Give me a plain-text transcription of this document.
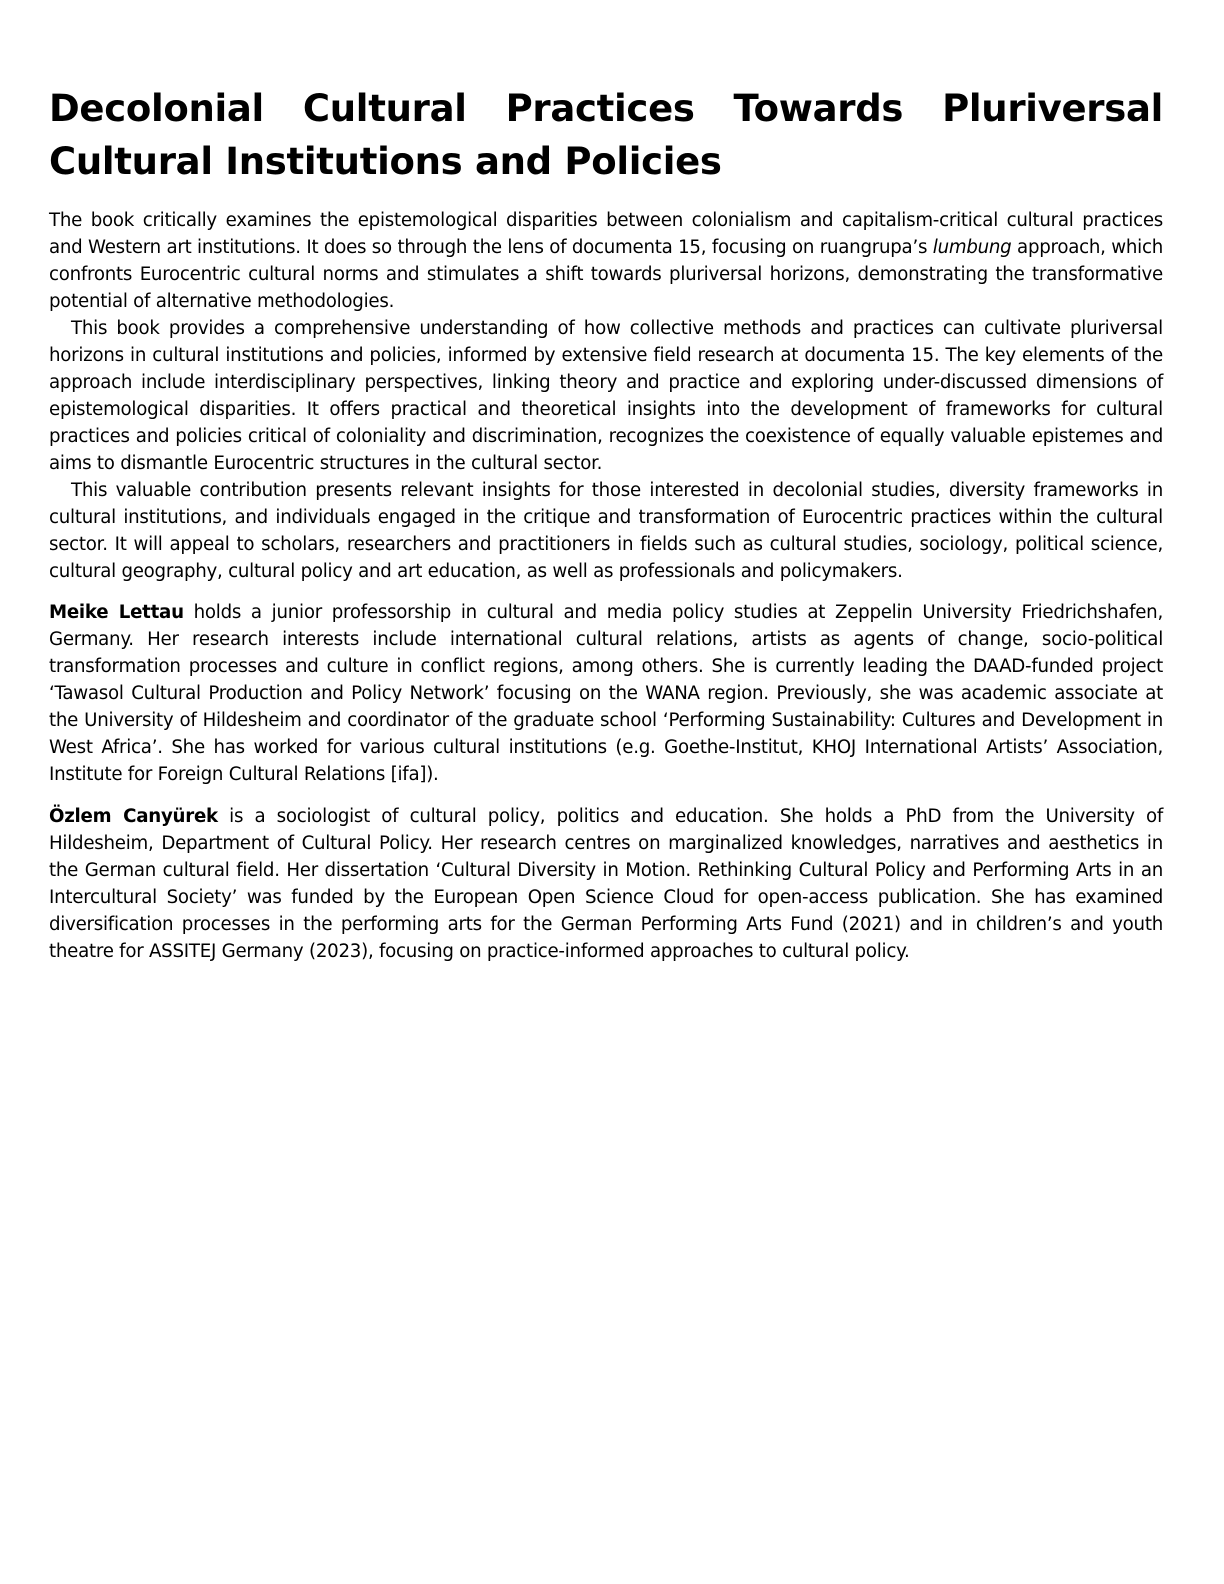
Decolonial Cultural Practices Towards Pluriversal Cultural Institutions and Policies

The book critically examines the epistemological disparities between colonialism and capitalism-critical cultural practices and Western art institutions. It does so through the lens of documenta 15, focusing on ruangrupa’s lumbung approach, which confronts Eurocentric cultural norms and stimulates a shift towards pluriversal horizons, demonstrating the transformative potential of alternative methodologies.

This book provides a comprehensive understanding of how collective methods and practices can cultivate pluriversal horizons in cultural institutions and policies, informed by extensive field research at documenta 15. The key elements of the approach include interdisciplinary perspectives, linking theory and practice and exploring under-discussed dimensions of epistemological disparities. It offers practical and theoretical insights into the development of frameworks for cultural practices and policies critical of coloniality and discrimination, recognizes the coexistence of equally valuable epistemes and aims to dismantle Eurocentric structures in the cultural sector.

This valuable contribution presents relevant insights for those interested in decolonial studies, diversity frameworks in cultural institutions, and individuals engaged in the critique and transformation of Eurocentric practices within the cultural sector. It will appeal to scholars, researchers and practitioners in fields such as cultural studies, sociology, political science, cultural geography, cultural policy and art education, as well as professionals and policymakers.

Meike Lettau holds a junior professorship in cultural and media policy studies at Zeppelin University Friedrichshafen, Germany. Her research interests include international cultural relations, artists as agents of change, socio-political transformation processes and culture in conflict regions, among others. She is currently leading the DAAD-funded project ‘Tawasol Cultural Production and Policy Network’ focusing on the WANA region. Previously, she was academic associate at the University of Hildesheim and coordinator of the graduate school ‘Performing Sustainability: Cultures and Development in West Africa’. She has worked for various cultural institutions (e.g. Goethe-Institut, KHOJ International Artists’ Association, Institute for Foreign Cultural Relations [ifa]).

Özlem Canyürek is a sociologist of cultural policy, politics and education. She holds a PhD from the University of Hildesheim, Department of Cultural Policy. Her research centres on marginalized knowledges, narratives and aesthetics in the German cultural field. Her dissertation ‘Cultural Diversity in Motion. Rethinking Cultural Policy and Performing Arts in an Intercultural Society’ was funded by the European Open Science Cloud for open-access publication. She has examined diversification processes in the performing arts for the German Performing Arts Fund (2021) and in children’s and youth theatre for ASSITEJ Germany (2023), focusing on practice-informed approaches to cultural policy.
